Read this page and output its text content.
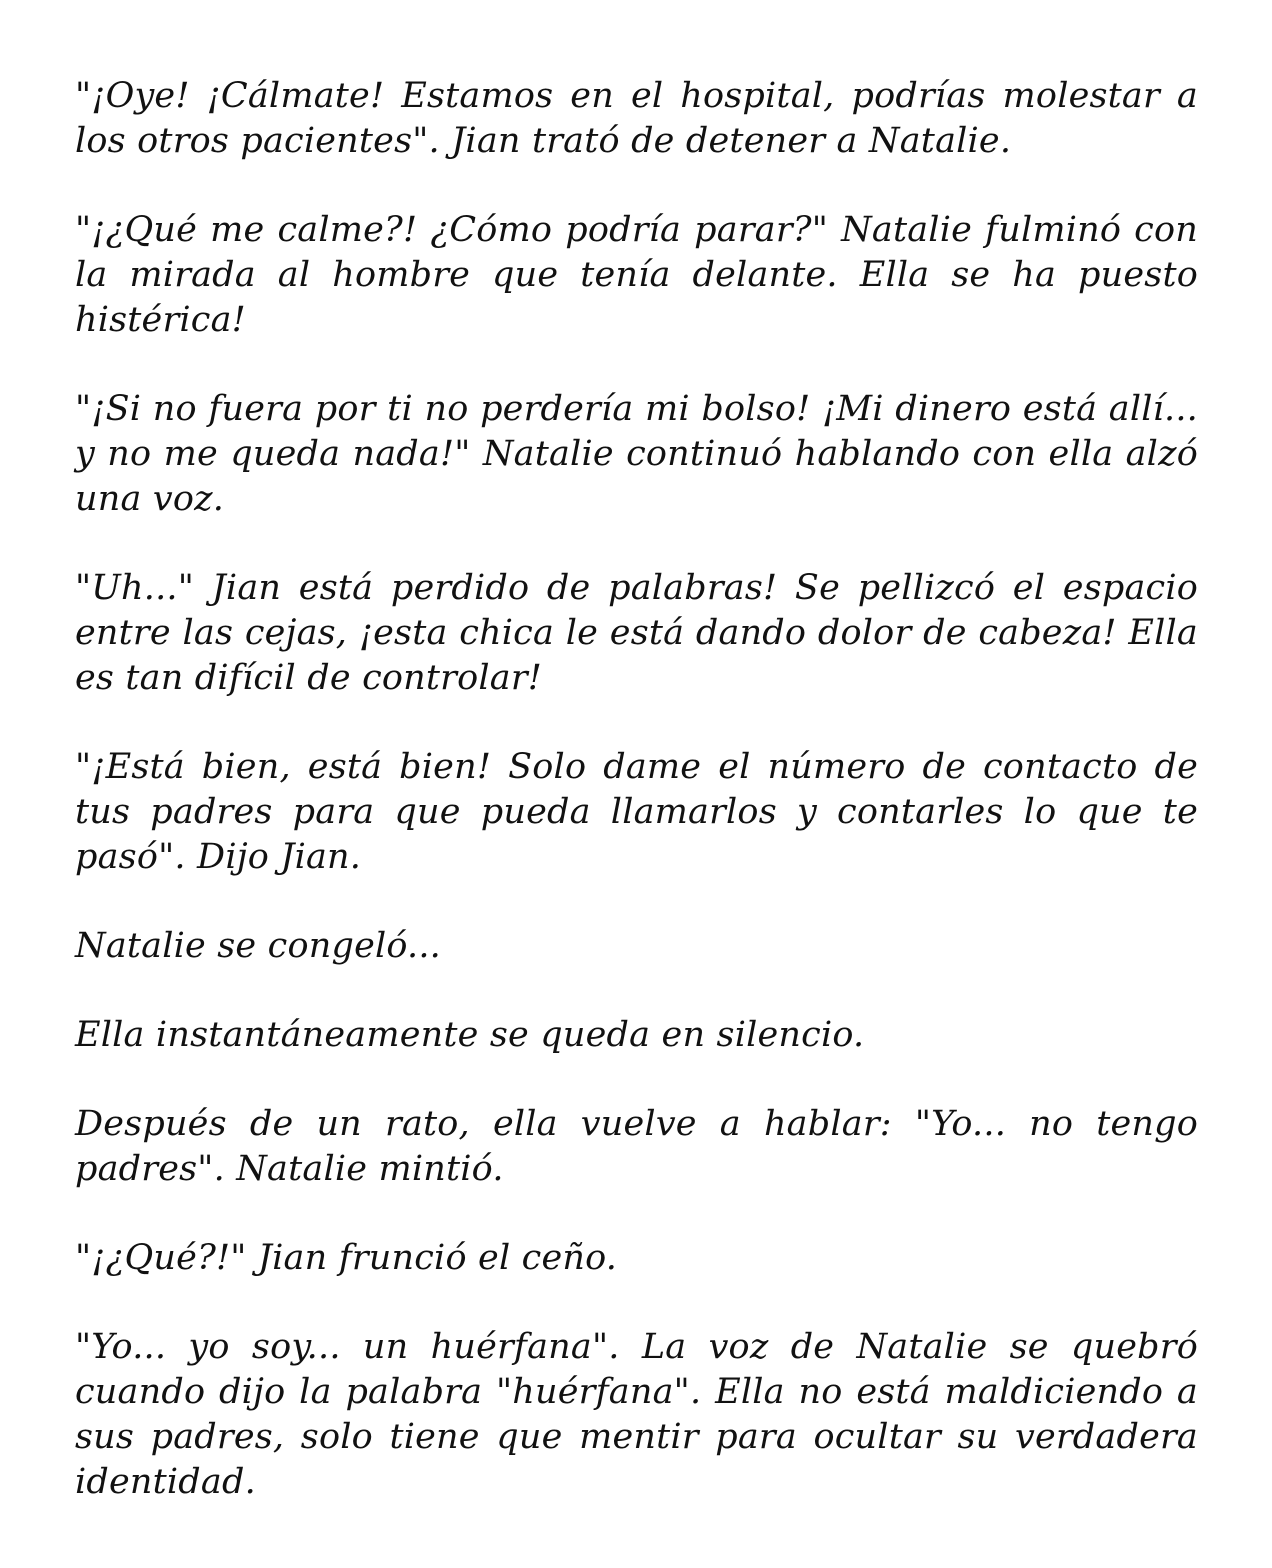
"¡Oye! ¡Cálmate! Estamos en el hospital, podrías molestar a los otros pacientes". Jian trató de detener a Natalie.

"¡¿Qué me calme?! ¿Cómo podría parar?" Natalie fulminó con la mirada al hombre que tenía delante. Ella se ha puesto histérica!

"¡Si no fuera por ti no perdería mi bolso! ¡Mi dinero está allí... y no me queda nada!" Natalie continuó hablando con ella alzó una voz.

"Uh..." Jian está perdido de palabras! Se pellizcó el espacio entre las cejas, ¡esta chica le está dando dolor de cabeza! Ella es tan difícil de controlar!

"¡Está bien, está bien! Solo dame el número de contacto de tus padres para que pueda llamarlos y contarles lo que te pasó". Dijo Jian.

Natalie se congeló...

Ella instantáneamente se queda en silencio.

Después de un rato, ella vuelve a hablar: "Yo... no tengo padres". Natalie mintió.

"¡¿Qué?!" Jian frunció el ceño.

"Yo... yo soy... un huérfana". La voz de Natalie se quebró cuando dijo la palabra "huérfana". Ella no está maldiciendo a sus padres, solo tiene que mentir para ocultar su verdadera identidad.
